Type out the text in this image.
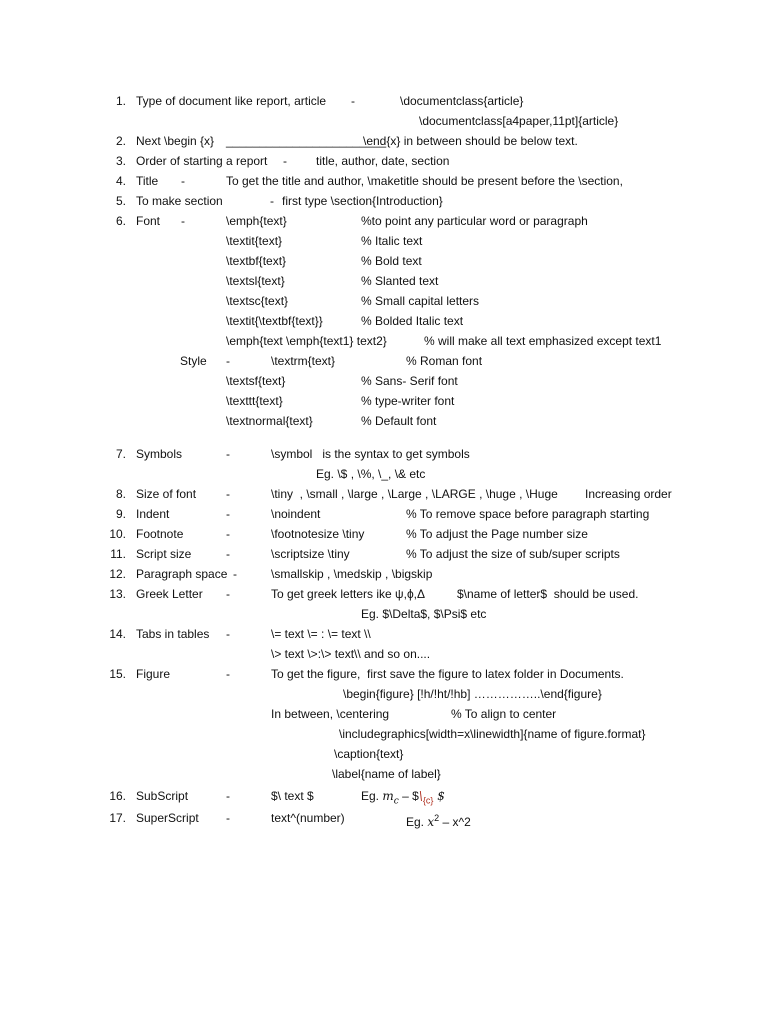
1. Type of document like report, article -	\documentclass{article}
\documentclass[a4paper,11pt]{article}
2. Next \begin {x} ________________________
\end{x} in between should be below text.
3. Order of starting a report - title, author, date, section
4. Title -	To get the title and author, \maketitle should be present before the \section,
5. To make section	- first type \section{Introduction}
6. Font -	\emph{text}	%to point any particular word or paragraph
\textit{text}	% Italic text
\textbf{text}	% Bold text
\textsl{text}	% Slanted text
\textsc{text}	% Small capital letters
\textit{\textbf{text}}	% Bolded Italic text
\emph{text \emph{text1} text2}	% will make all text emphasized except text1
Style -	\textrm{text}	% Roman font
\textsf{text}	% Sans- Serif font
\texttt{text}	% type-writer font
\textnormal{text}	% Default font
7. Symbols	-	\symbol   is the syntax to get symbols
Eg. \$ , \%, \_, \& etc
8. Size of font -	\tiny  , \small , \large , \Large , \LARGE , \huge , \Huge Increasing order
9. Indent	-	\noindent	% To remove space before paragraph starting
10. Footnote	-	\footnotesize \tiny	% To adjust the Page number size
11. Script size	-	\scriptsize \tiny	% To adjust the size of sub/super scripts
12. Paragraph space -	\smallskip , \medskip , \bigskip
13. Greek Letter -	To get greek letters ike ψ,ϕ,Δ	$\name of letter$  should be used.
Eg. $\Delta$, $\Psi$ etc
14. Tabs in tables -	\= text \= : \= text \\
\> text \>:\> text\\ and so on....
15. Figure	-	To get the figure,  first save the figure to latex folder in Documents.
\begin{figure} [!h/!ht/!hb] ……………..\end{figure}
In between, \centering	% To align to center
\includegraphics[width=x\linewidth]{name of figure.format}
\caption{text}
\label{name of label}
16. SubScript	-	$\ text $	Eg. $m_c$ – $\$\backslash_{\{c\}}$ $
17. SuperScript -	text^(number)	Eg. $x^2$ – x^2
